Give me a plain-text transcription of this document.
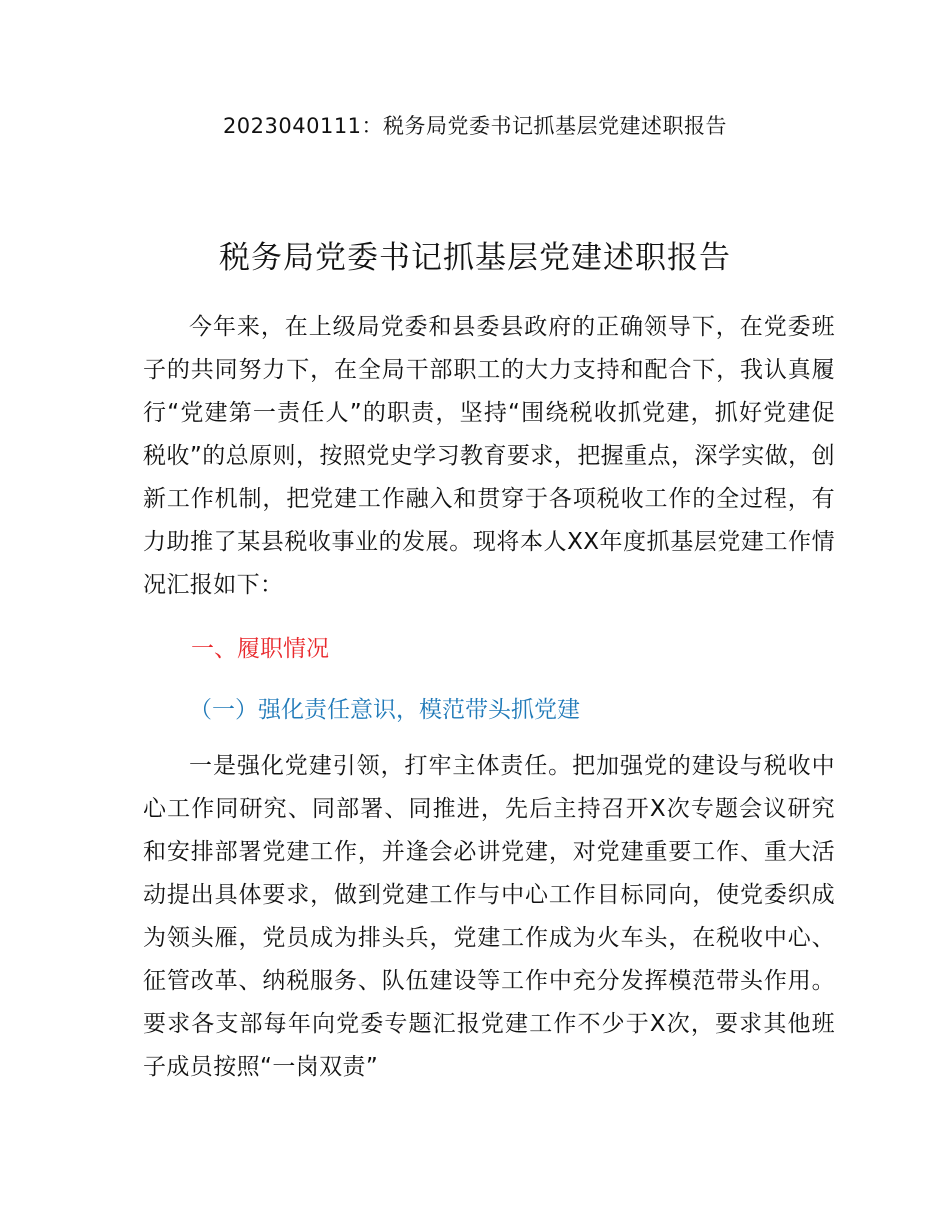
2023040111：税务局党委书记抓基层党建述职报告
税务局党委书记抓基层党建述职报告
今年来，在上级局党委和县委县政府的正确领导下，在党委班子的共同努力下，在全局干部职工的大力支持和配合下，我认真履行“党建第一责任人”的职责，坚持“围绕税收抓党建，抓好党建促税收”的总原则，按照党史学习教育要求，把握重点，深学实做，创新工作机制，把党建工作融入和贯穿于各项税收工作的全过程，有力助推了某县税收事业的发展。现将本人XX年度抓基层党建工作情况汇报如下：
一、履职情况
（一）强化责任意识，模范带头抓党建
一是强化党建引领，打牢主体责任。把加强党的建设与税收中心工作同研究、同部署、同推进，先后主持召开X次专题会议研究和安排部署党建工作，并逢会必讲党建，对党建重要工作、重大活动提出具体要求，做到党建工作与中心工作目标同向，使党委织成为领头雁，党员成为排头兵，党建工作成为火车头，在税收中心、征管改革、纳税服务、队伍建设等工作中充分发挥模范带头作用。要求各支部每年向党委专题汇报党建工作不少于X次，要求其他班子成员按照“一岗双责”
